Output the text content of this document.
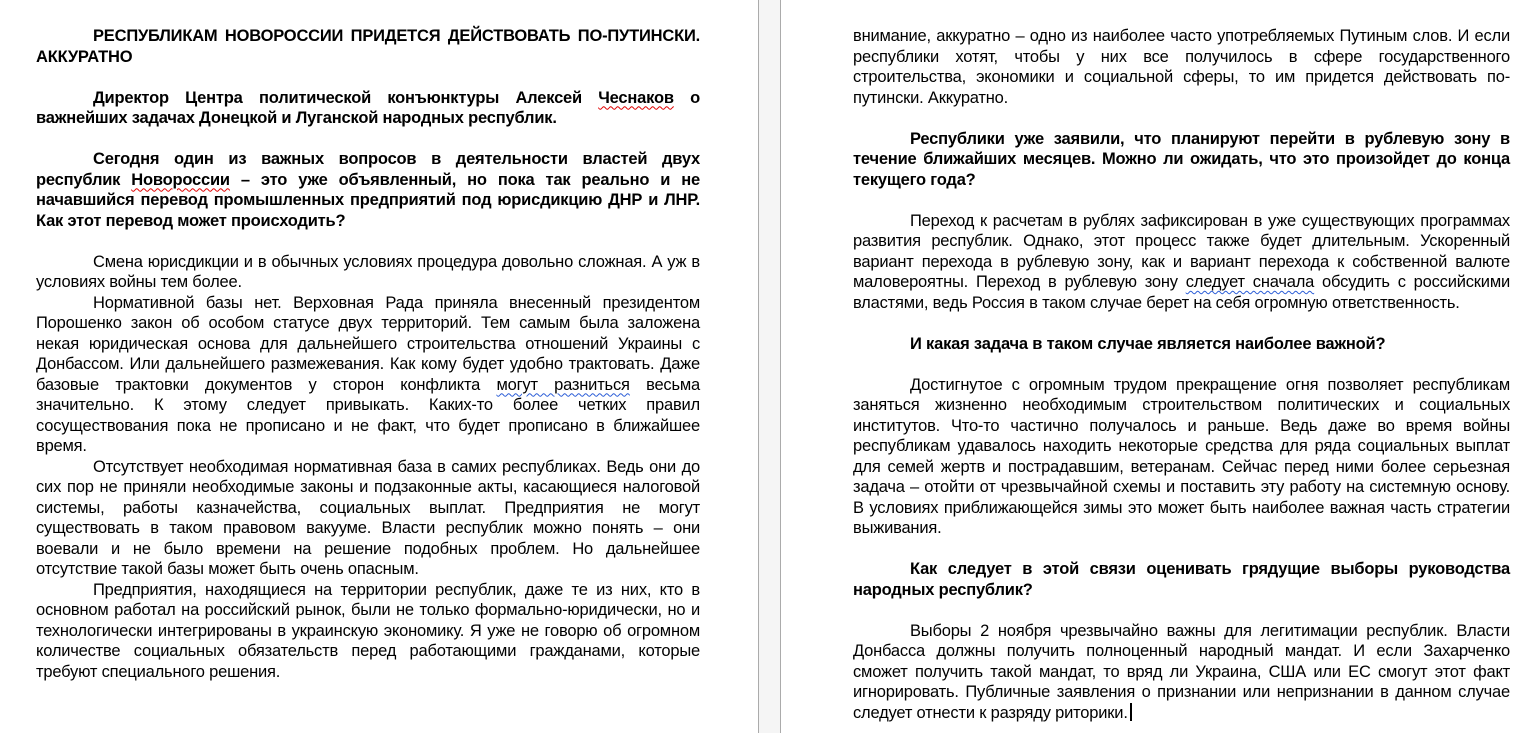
РЕСПУБЛИКАМ НОВОРОССИИ ПРИДЕТСЯ ДЕЙСТВОВАТЬ ПО-ПУТИНСКИ.
АККУРАТНО

Директор Центра политической конъюнктуры Алексей Чеснаков о важнейших задачах Донецкой и Луганской народных республик.

Сегодня один из важных вопросов в деятельности властей двух республик Новороссии – это уже объявленный, но пока так реально и не начавшийся перевод промышленных предприятий под юрисдикцию ДНР и ЛНР. Как этот перевод может происходить?

Смена юрисдикции и в обычных условиях процедура довольно сложная. А уж в условиях войны тем более.

Нормативной базы нет. Верховная Рада приняла внесенный президентом Порошенко закон об особом статусе двух территорий. Тем самым была заложена некая юридическая основа для дальнейшего строительства отношений Украины с Донбассом. Или дальнейшего размежевания. Как кому будет удобно трактовать. Даже базовые трактовки документов у сторон конфликта могут разниться весьма значительно. К этому следует привыкать. Каких-то более четких правил сосуществования пока не прописано и не факт, что будет прописано в ближайшее время.

Отсутствует необходимая нормативная база в самих республиках. Ведь они до сих пор не приняли необходимые законы и подзаконные акты, касающиеся налоговой системы, работы казначейства, социальных выплат. Предприятия не могут существовать в таком правовом вакууме. Власти республик можно понять – они воевали и не было времени на решение подобных проблем. Но дальнейшее отсутствие такой базы может быть очень опасным.

Предприятия, находящиеся на территории республик, даже те из них, кто в основном работал на российский рынок, были не только формально-юридически, но и технологически интегрированы в украинскую экономику. Я уже не говорю об огромном количестве социальных обязательств перед работающими гражданами, которые требуют специального решения.

внимание, аккуратно – одно из наиболее часто употребляемых Путиным слов. И если республики хотят, чтобы у них все получилось в сфере государственного строительства, экономики и социальной сферы, то им придется действовать по-путински. Аккуратно.

Республики уже заявили, что планируют перейти в рублевую зону в течение ближайших месяцев. Можно ли ожидать, что это произойдет до конца текущего года?

Переход к расчетам в рублях зафиксирован в уже существующих программах развития республик. Однако, этот процесс также будет длительным. Ускоренный вариант перехода в рублевую зону, как и вариант перехода к собственной валюте маловероятны. Переход в рублевую зону следует сначала обсудить с российскими властями, ведь Россия в таком случае берет на себя огромную ответственность.

И какая задача в таком случае является наиболее важной?

Достигнутое с огромным трудом прекращение огня позволяет республикам заняться жизненно необходимым строительством политических и социальных институтов. Что-то частично получалось и раньше. Ведь даже во время войны республикам удавалось находить некоторые средства для ряда социальных выплат для семей жертв и пострадавшим, ветеранам. Сейчас перед ними более серьезная задача – отойти от чрезвычайной схемы и поставить эту работу на системную основу. В условиях приближающейся зимы это может быть наиболее важная часть стратегии выживания.

Как следует в этой связи оценивать грядущие выборы руководства народных республик?

Выборы 2 ноября чрезвычайно важны для легитимации республик. Власти Донбасса должны получить полноценный народный мандат. И если Захарченко сможет получить такой мандат, то вряд ли Украина, США или ЕС смогут этот факт игнорировать. Публичные заявления о признании или непризнании в данном случае следует отнести к разряду риторики.
